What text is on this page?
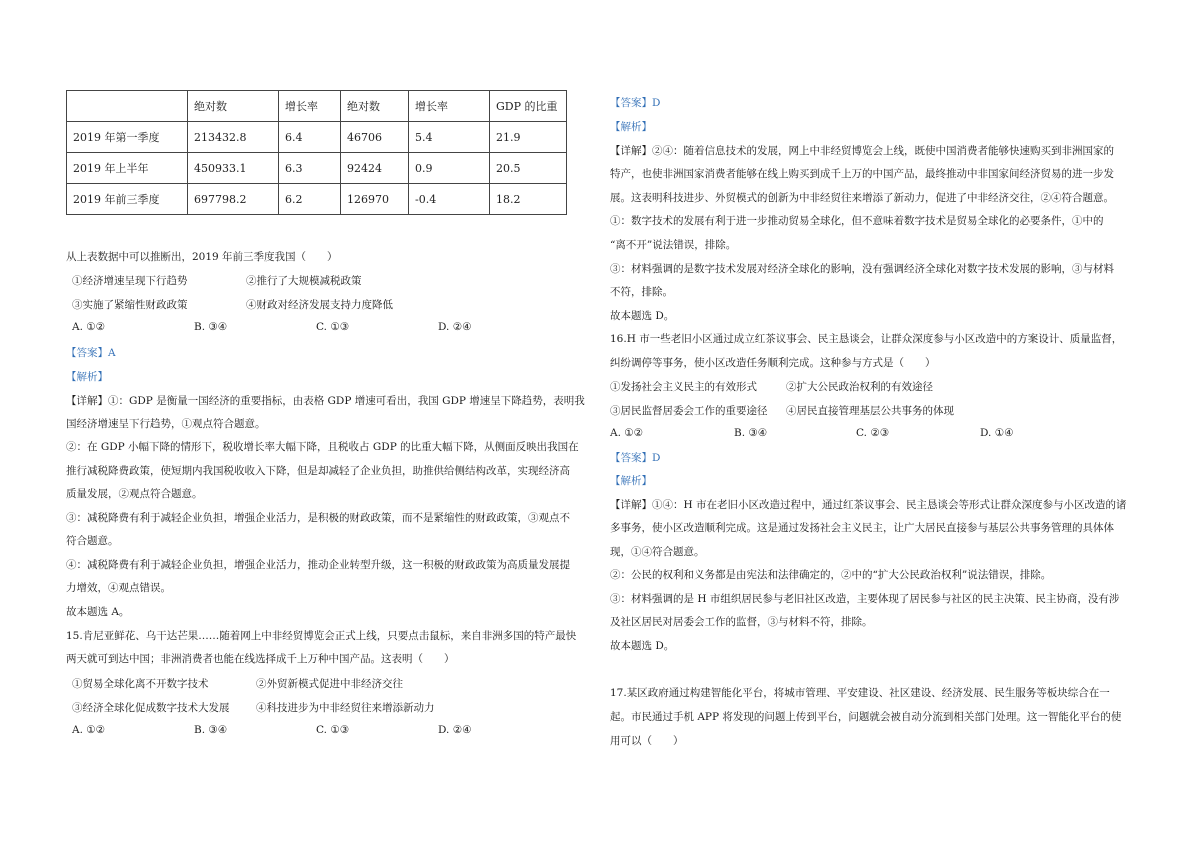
	绝对数	增长率	绝对数	增长率	GDP 的比重
2019 年第一季度	213432.8	6.4	46706	5.4	21.9
2019 年上半年	450933.1	6.3	92424	0.9	20.5
2019 年前三季度	697798.2	6.2	126970	-0.4	18.2
从上表数据中可以推断出，2019 年前三季度我国（　　）
①经济增速呈现下行趋势	②推行了大规模减税政策
③实施了紧缩性财政政策	④财政对经济发展支持力度降低
A. ①②	B. ③④	C. ①③	D. ②④
【答案】A
【解析】
【详解】①：GDP 是衡量一国经济的重要指标，由表格 GDP 增速可看出，我国 GDP 增速呈下降趋势，表明我
国经济增速呈下行趋势，①观点符合题意。
②：在 GDP 小幅下降的情形下，税收增长率大幅下降，且税收占 GDP 的比重大幅下降，从侧面反映出我国在
推行减税降费政策，使短期内我国税收收入下降，但是却减轻了企业负担，助推供给侧结构改革，实现经济高
质量发展，②观点符合题意。
③：减税降费有利于减轻企业负担，增强企业活力，是积极的财政政策，而不是紧缩性的财政政策，③观点不
符合题意。
④：减税降费有利于减轻企业负担，增强企业活力，推动企业转型升级，这一积极的财政政策为高质量发展提
力增效，④观点错误。
故本题选 A。
15.肯尼亚鲜花、乌干达芒果……随着网上中非经贸博览会正式上线，只要点击鼠标，来自非洲多国的特产最快
两天就可到达中国；非洲消费者也能在线选择成千上万种中国产品。这表明（　　）
①贸易全球化离不开数字技术	②外贸新模式促进中非经济交往
③经济全球化促成数字技术大发展	④科技进步为中非经贸往来增添新动力
A. ①②	B. ③④	C. ①③	D. ②④
【答案】D
【解析】
【详解】②④：随着信息技术的发展，网上中非经贸博览会上线，既使中国消费者能够快速购买到非洲国家的
特产，也使非洲国家消费者能够在线上购买到成千上万的中国产品，最终推动中非国家间经济贸易的进一步发
展。这表明科技进步、外贸模式的创新为中非经贸往来增添了新动力，促进了中非经济交往，②④符合题意。
①：数字技术的发展有利于进一步推动贸易全球化，但不意味着数字技术是贸易全球化的必要条件，①中的
“离不开”说法错误，排除。
③：材料强调的是数字技术发展对经济全球化的影响，没有强调经济全球化对数字技术发展的影响，③与材料
不符，排除。
故本题选 D。
16.H 市一些老旧小区通过成立红茶议事会、民主恳谈会，让群众深度参与小区改造中的方案设计、质量监督，
纠纷调停等事务，使小区改造任务顺利完成。这种参与方式是（　　）
①发扬社会主义民主的有效形式	②扩大公民政治权利的有效途径
③居民监督居委会工作的重要途径 ④居民直接管理基层公共事务的体现
A. ①②	B. ③④	C. ②③	D. ①④
【答案】D
【解析】
【详解】①④：H 市在老旧小区改造过程中，通过红茶议事会、民主恳谈会等形式让群众深度参与小区改造的诸
多事务，使小区改造顺利完成。这是通过发扬社会主义民主，让广大居民直接参与基层公共事务管理的具体体
现，①④符合题意。
②：公民的权利和义务都是由宪法和法律确定的，②中的“扩大公民政治权利”说法错误，排除。
③：材料强调的是 H 市组织居民参与老旧社区改造，主要体现了居民参与社区的民主决策、民主协商，没有涉
及社区居民对居委会工作的监督，③与材料不符，排除。
故本题选 D。
17.某区政府通过构建智能化平台，将城市管理、平安建设、社区建设、经济发展、民生服务等板块综合在一
起。市民通过手机 APP 将发现的问题上传到平台，问题就会被自动分流到相关部门处理。这一智能化平台的使
用可以（　　）
